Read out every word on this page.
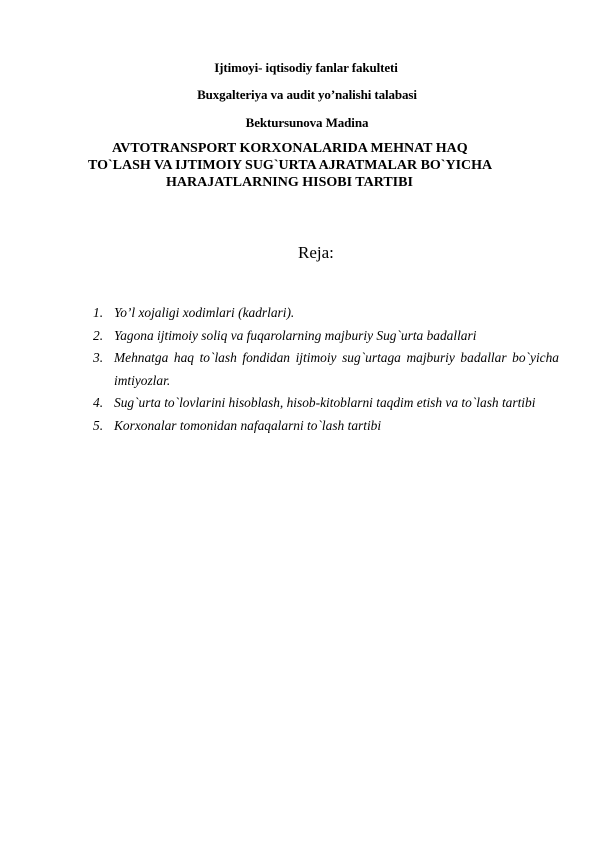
Ijtimoyi- iqtisodiy fanlar fakulteti
Buxgalteriya va audit yo’nalishi talabasi
Bektursunova Madina
AVTOTRANSPORT KORXONALARIDA MEHNAT HAQ
TO`LASH VA IJTIMOIY SUG`URTA AJRATMALAR BO`YICHA
HARAJATLARNING HISOBI TARTIBI
Reja:
1. Yo’l xojaligi xodimlari (kadrlari).
2. Yagona ijtimoiy soliq va fuqarolarning majburiy Sug`urta badallari
3. Mehnatga haq to`lash fondidan ijtimoiy sug`urtaga majburiy badallar bo`yicha imtiyozlar.
4. Sug`urta to`lovlarini hisoblash, hisob-kitoblarni taqdim etish va to`lash tartibi
5. Korxonalar tomonidan nafaqalarni to`lash tartibi
